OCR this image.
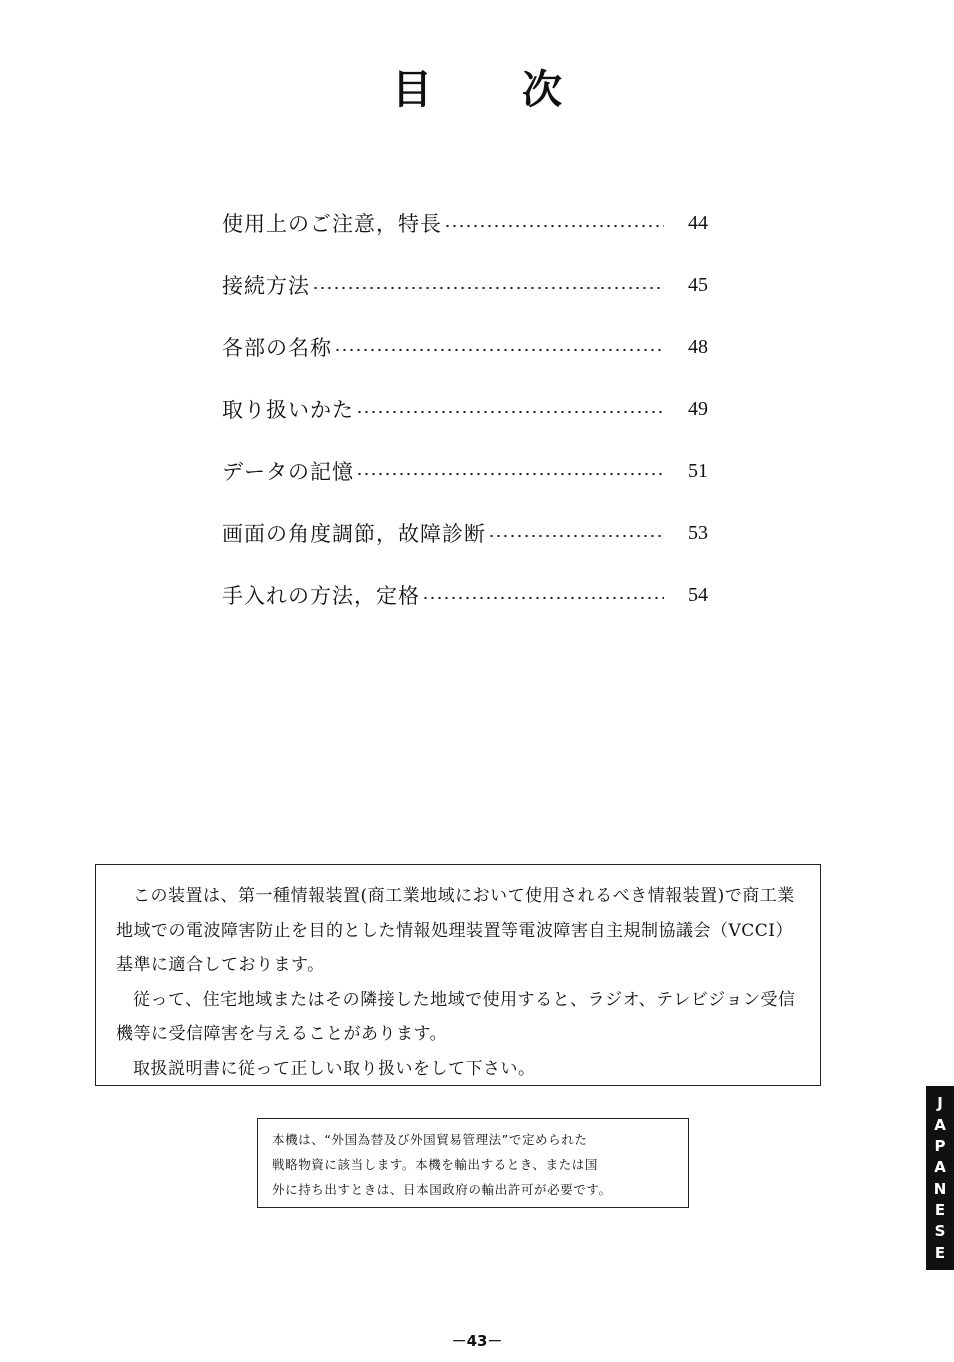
目 次
使用上のご注意，特長	44
接続方法	45
各部の名称	48
取り扱いかた	49
データの記憶	51
画面の角度調節，故障診断	53
手入れの方法，定格	54

この装置は、第一種情報装置(商工業地域において使用されるべき情報装置)で商工業地域での電波障害防止を目的とした情報処理装置等電波障害自主規制協議会（VCCI）基準に適合しております。

従って、住宅地域またはその隣接した地域で使用すると、ラジオ、テレビジョン受信機等に受信障害を与えることがあります。

取扱説明書に従って正しい取り扱いをして下さい。

本機は、“外国為替及び外国貿易管理法”で定められた

戦略物資に該当します。本機を輸出するとき、または国

外に持ち出すときは、日本国政府の輸出許可が必要です。

J
A
P
A
N
E
S
E
－43－
